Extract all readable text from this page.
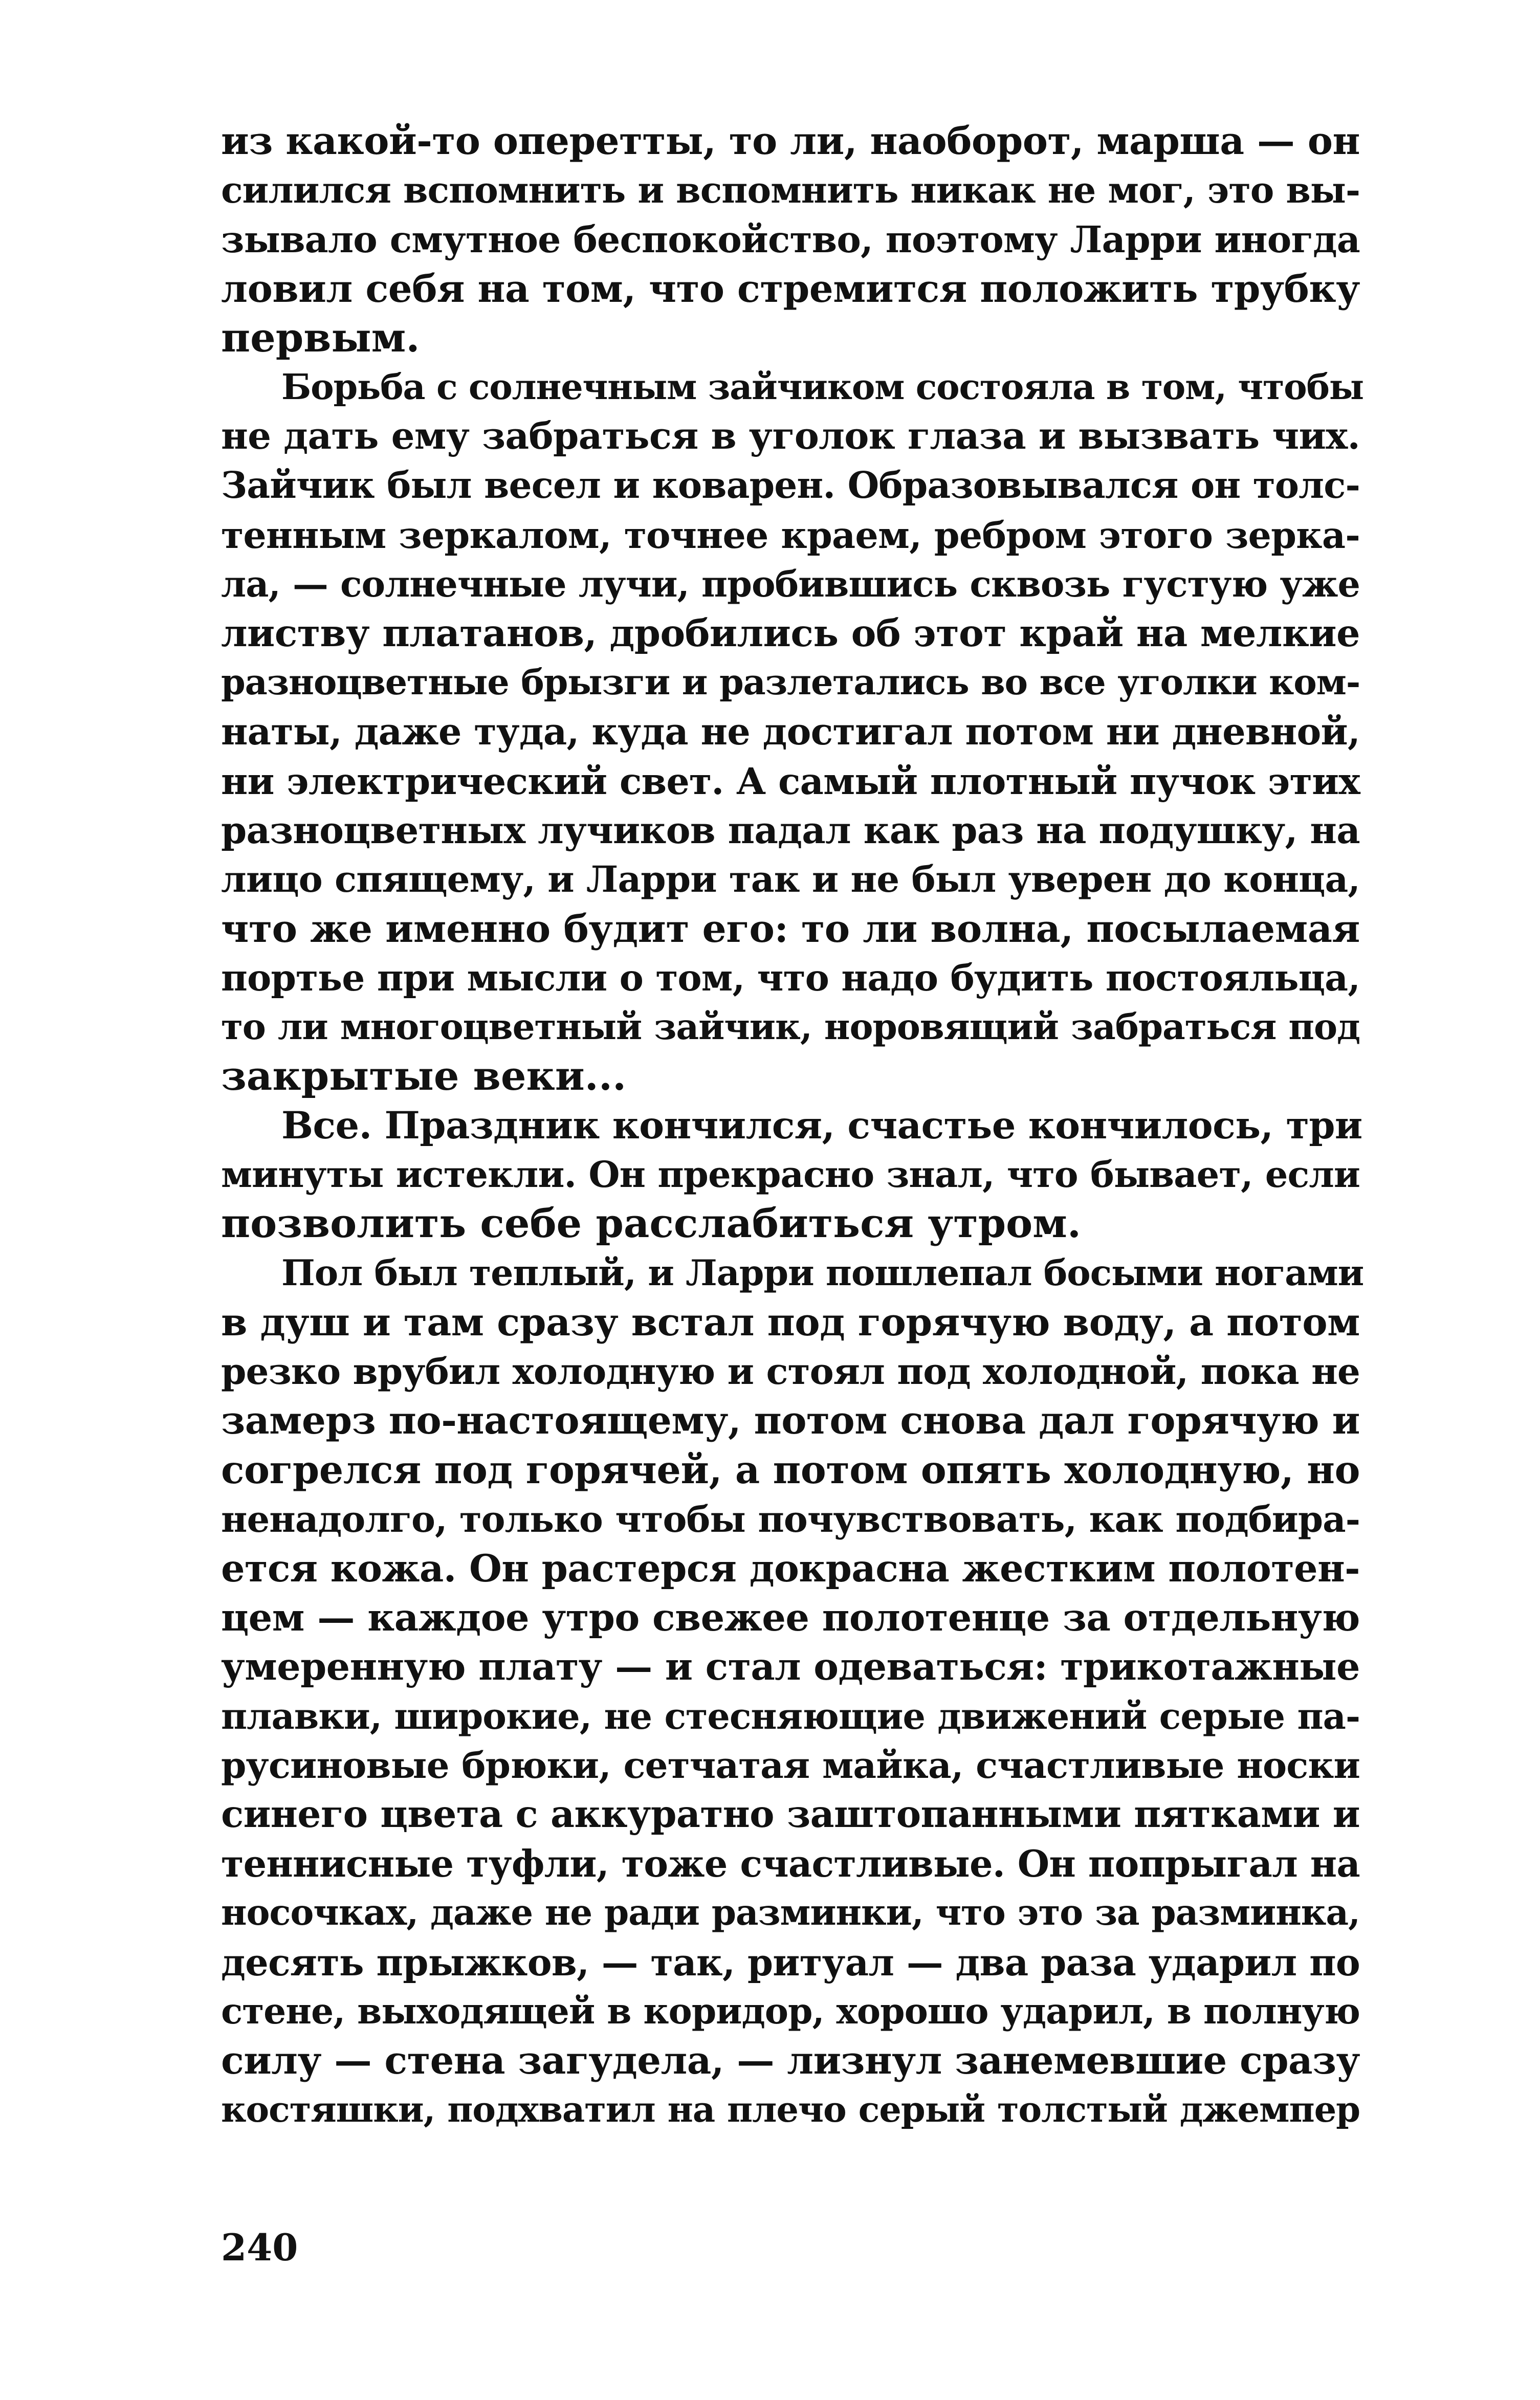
из какой-то оперетты, то ли, наоборот, марша — он
силился вспомнить и вспомнить никак не мог, это вы-
зывало смутное беспокойство, поэтому Ларри иногда
ловил себя на том, что стремится положить трубку
первым.
Борьба с солнечным зайчиком состояла в том, чтобы
не дать ему забраться в уголок глаза и вызвать чих.
Зайчик был весел и коварен. Образовывался он толс-
тенным зеркалом, точнее краем, ребром этого зерка-
ла, — солнечные лучи, пробившись сквозь густую уже
листву платанов, дробились об этот край на мелкие
разноцветные брызги и разлетались во все уголки ком-
наты, даже туда, куда не достигал потом ни дневной,
ни электрический свет. А самый плотный пучок этих
разноцветных лучиков падал как раз на подушку, на
лицо спящему, и Ларри так и не был уверен до конца,
что же именно будит его: то ли волна, посылаемая
портье при мысли о том, что надо будить постояльца,
то ли многоцветный зайчик, норовящий забраться под
закрытые веки...
Все. Праздник кончился, счастье кончилось, три
минуты истекли. Он прекрасно знал, что бывает, если
позволить себе расслабиться утром.
Пол был теплый, и Ларри пошлепал босыми ногами
в душ и там сразу встал под горячую воду, а потом
резко врубил холодную и стоял под холодной, пока не
замерз по-настоящему, потом снова дал горячую и
согрелся под горячей, а потом опять холодную, но
ненадолго, только чтобы почувствовать, как подбира-
ется кожа. Он растерся докрасна жестким полотен-
цем — каждое утро свежее полотенце за отдельную
умеренную плату — и стал одеваться: трикотажные
плавки, широкие, не стесняющие движений серые па-
русиновые брюки, сетчатая майка, счастливые носки
синего цвета с аккуратно заштопанными пятками и
теннисные туфли, тоже счастливые. Он попрыгал на
носочках, даже не ради разминки, что это за разминка,
десять прыжков, — так, ритуал — два раза ударил по
стене, выходящей в коридор, хорошо ударил, в полную
силу — стена загудела, — лизнул занемевшие сразу
костяшки, подхватил на плечо серый толстый джемпер
240
